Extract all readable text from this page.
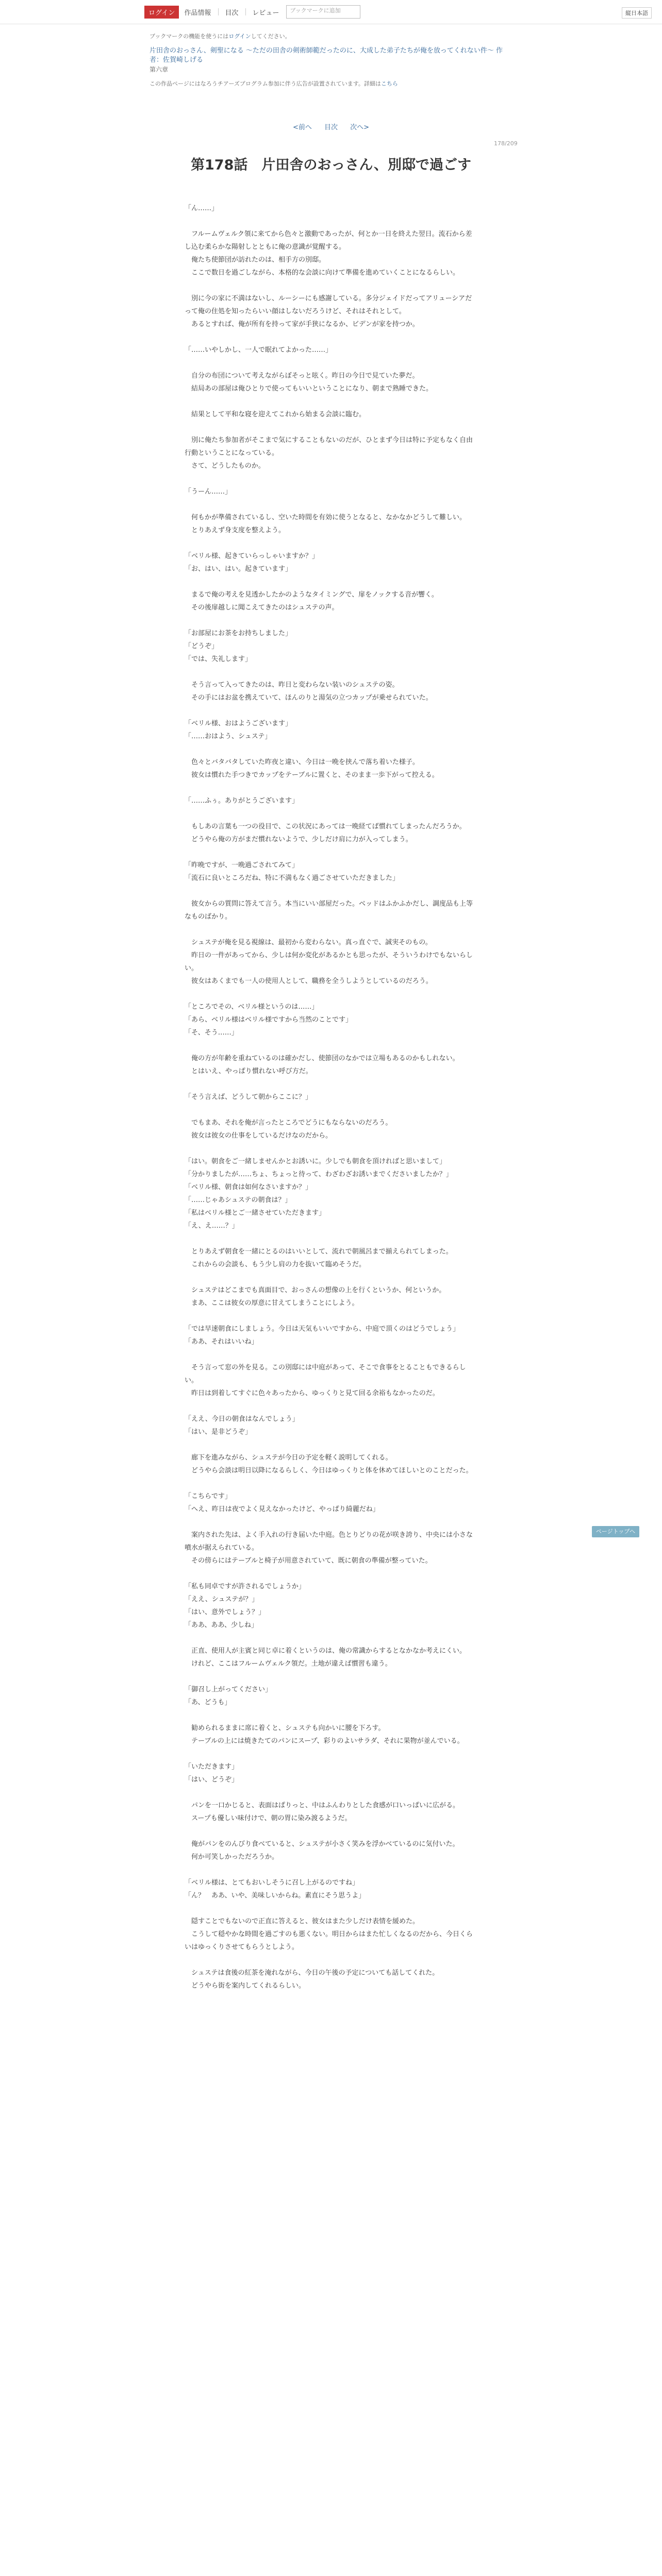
ログイン	作品情報 目次 レビュー	ブックマークに追加	縦日本語
ブックマークの機能を使うにはログインしてください。
片田舎のおっさん、剣聖になる ～ただの田舎の剣術師範だったのに、大成した弟子たちが俺を放ってくれない件～ 作者：佐賀崎しげる
第六章
この作品ページにはなろうチアーズプログラム参加に伴う広告が設置されています。詳細はこちら
<前へ 目次 次へ>
178/209
第178話　片田舎のおっさん、別邸で過ごす

「ん……」

　フルームヴェルク領に来てから色々と激動であったが、何とか一日を終えた翌日。流石から差し込む柔らかな陽射しとともに俺の意識が覚醒する。

　俺たち使節団が訪れたのは、相手方の別邸。

　ここで数日を過ごしながら、本格的な会談に向けて準備を進めていくことになるらしい。

　別に今の家に不満はないし、ルーシーにも感謝している。多分ジェイドだってアリューシアだって俺の住処を知ったらいい顔はしないだろうけど、それはそれとして。

　あるとすれば、俺が所有を持って家が手狭になるか、ビデンが家を持つか。

「……いやしかし、一人で眠れてよかった……」

　自分の布団について考えながらぼそっと呟く。昨日の今日で見ていた夢だ。

　結局あの部屋は俺ひとりで使ってもいいということになり、朝まで熟睡できた。

　結果として平和な寝を迎えてこれから始まる会談に臨む。

　別に俺たち参加者がそこまで気にすることもないのだが、ひとまず今日は特に予定もなく自由行動ということになっている。

　さて、どうしたものか。

「うーん……」

　何もかが準備されているし、空いた時間を有効に使うとなると、なかなかどうして難しい。

　とりあえず身支度を整えよう。

「ベリル様、起きていらっしゃいますか？」

「お、はい、はい。起きています」

　まるで俺の考えを見透かしたかのようなタイミングで、扉をノックする音が響く。

　その後扉越しに聞こえてきたのはシュステの声。

「お部屋にお茶をお持ちしました」

「どうぞ」

「では、失礼します」

　そう言って入ってきたのは、昨日と変わらない装いのシュステの姿。

　その手にはお盆を携えていて、ほんのりと湯気の立つカップが乗せられていた。

「ベリル様、おはようございます」

「……おはよう、シュステ」

　色々とバタバタしていた昨夜と違い、今日は一晩を挟んで落ち着いた様子。

　彼女は慣れた手つきでカップをテーブルに置くと、そのまま一歩下がって控える。

「……ふぅ。ありがとうございます」

　もしあの言葉も一つの役目で、この状況にあっては一晩経てば慣れてしまったんだろうか。

　どうやら俺の方がまだ慣れないようで、少しだけ肩に力が入ってしまう。

「昨晩ですが、一晩過ごされてみて」

「流石に良いところだね、特に不満もなく過ごさせていただきました」

　彼女からの質問に答えて言う。本当にいい部屋だった。ベッドはふかふかだし、調度品も上等なものばかり。

　シュステが俺を見る視線は、最初から変わらない。真っ直ぐで、誠実そのもの。

　昨日の一件があってから、少しは何か変化があるかとも思ったが、そういうわけでもないらしい。

　彼女はあくまでも一人の使用人として、職務を全うしようとしているのだろう。

「ところでその、ベリル様というのは……」

「あら、ベリル様はベリル様ですから当然のことです」

「そ、そう……」

　俺の方が年齢を重ねているのは確かだし、使節団のなかでは立場もあるのかもしれない。

　とはいえ、やっぱり慣れない呼び方だ。

「そう言えば、どうして朝からここに？」

　でもまあ、それを俺が言ったところでどうにもならないのだろう。

　彼女は彼女の仕事をしているだけなのだから。

「はい。朝食をご一緒しませんかとお誘いに。少しでも朝食を頂ければと思いまして」

「分かりましたが……ちょ、ちょっと待って、わざわざお誘いまでくださいましたか？」

「ベリル様、朝食は如何なさいますか？」

「……じゃあシュステの朝食は？」

「私はベリル様とご一緒させていただきます」

「え、え……？」

　とりあえず朝食を一緒にとるのはいいとして、流れで朝風呂まで揃えられてしまった。

　これからの会談も、もう少し肩の力を抜いて臨めそうだ。

　シュステはどこまでも真面目で、おっさんの想像の上を行くというか、何というか。

　まあ、ここは彼女の厚意に甘えてしまうことにしよう。

「では早速朝食にしましょう。今日は天気もいいですから、中庭で頂くのはどうでしょう」

「ああ、それはいいね」

　そう言って窓の外を見る。この別邸には中庭があって、そこで食事をとることもできるらしい。

　昨日は到着してすぐに色々あったから、ゆっくりと見て回る余裕もなかったのだ。

「ええ、今日の朝食はなんでしょう」

「はい、是非どうぞ」

　廊下を進みながら、シュステが今日の予定を軽く説明してくれる。

　どうやら会談は明日以降になるらしく、今日はゆっくりと体を休めてほしいとのことだった。

「こちらです」

「へえ、昨日は夜でよく見えなかったけど、やっぱり綺麗だね」

　案内された先は、よく手入れの行き届いた中庭。色とりどりの花が咲き誇り、中央には小さな噴水が据えられている。

　その傍らにはテーブルと椅子が用意されていて、既に朝食の準備が整っていた。

「私も同卓ですが許されるでしょうか」

「ええ、シュステが？」

「はい、意外でしょう？」

「ああ、ああ、少しね」

　正直、使用人が主賓と同じ卓に着くというのは、俺の常識からするとなかなか考えにくい。

　けれど、ここはフルームヴェルク領だ。土地が違えば慣習も違う。

「御召し上がってください」

「あ、どうも」

　勧められるままに席に着くと、シュステも向かいに腰を下ろす。

　テーブルの上には焼きたてのパンにスープ、彩りのよいサラダ、それに果物が並んでいる。

「いただきます」

「はい、どうぞ」

　パンを一口かじると、表面はぱりっと、中はふんわりとした食感が口いっぱいに広がる。

　スープも優しい味付けで、朝の胃に染み渡るようだ。

　俺がパンをのんびり食べていると、シュステが小さく笑みを浮かべているのに気付いた。

　何か可笑しかっただろうか。

「ベリル様は、とてもおいしそうに召し上がるのですね」

「ん？　ああ、いや、美味しいからね。素直にそう思うよ」

　隠すことでもないので正直に答えると、彼女はまた少しだけ表情を緩めた。

　こうして穏やかな時間を過ごすのも悪くない。明日からはまた忙しくなるのだから、今日くらいはゆっくりさせてもらうとしよう。

　シュステは食後の紅茶を淹れながら、今日の午後の予定についても話してくれた。

　どうやら街を案内してくれるらしい。

ページトップへ
